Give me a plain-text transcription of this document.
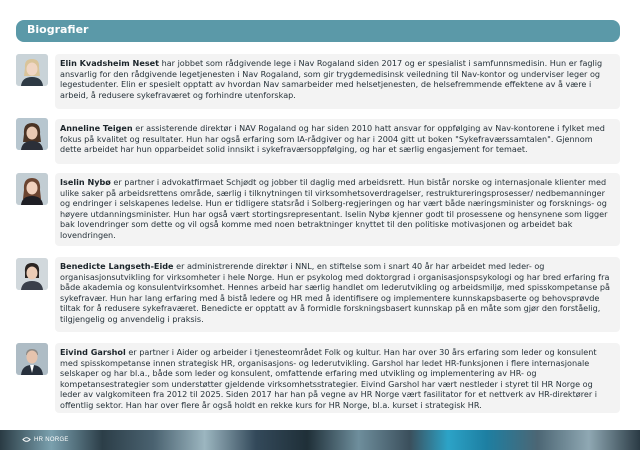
Biografier
Elin Kvadsheim Neset har jobbet som rådgivende lege i Nav Rogaland siden 2017 og er spesialist i samfunnsmedisin. Hun er faglig ansvarlig for den rådgivende legetjenesten i Nav Rogaland, som gir trygdemedisinsk veiledning til Nav-kontor og underviser leger og legestudenter. Elin er spesielt opptatt av hvordan Nav samarbeider med helsetjenesten, de helsefremmende effektene av å være i arbeid, å redusere sykefraværet og forhindre utenforskap.
Anneline Teigen er assisterende direktør i NAV Rogaland og har siden 2010 hatt ansvar for oppfølging av Nav-kontorene i fylket med fokus på kvalitet og resultater. Hun har også erfaring som IA-rådgiver og har i 2004 gitt ut boken "Sykefraværssamtalen". Gjennom dette arbeidet har hun opparbeidet solid innsikt i sykefraværsoppfølging, og har et særlig engasjement for temaet.
Iselin Nybø er partner i advokatfirmaet Schjødt og jobber til daglig med arbeidsrett. Hun bistår norske og internasjonale klienter med ulike saker på arbeidsrettens område, særlig i tilknytningen til virksomhetsoverdragelser, restruktureringsprosesser/ nedbemanninger og endringer i selskapenes ledelse. Hun er tidligere statsråd i Solberg-regjeringen og har vært både næringsminister og forsknings- og høyere utdanningsminister. Hun har også vært stortingsrepresentant. Iselin Nybø kjenner godt til prosessene og hensynene som ligger bak lovendringer som dette og vil også komme med noen betraktninger knyttet til den politiske motivasjonen og arbeidet bak lovendringen.
Benedicte Langseth-Eide er administrerende direktør i NNL, en stiftelse som i snart 40 år har arbeidet med leder- og organisasjonsutvikling for virksomheter i hele Norge. Hun er psykolog med doktorgrad i organisasjonspsykologi og har bred erfaring fra både akademia og konsulentvirksomhet. Hennes arbeid har særlig handlet om lederutvikling og arbeidsmiljø, med spisskompetanse på sykefravær. Hun har lang erfaring med å bistå ledere og HR med å identifisere og implementere kunnskapsbaserte og behovsprøvde tiltak for å redusere sykefraværet. Benedicte er opptatt av å formidle forskningsbasert kunnskap på en måte som gjør den forståelig, tilgjengelig og anvendelig i praksis.
Eivind Garshol er partner i Aider og arbeider i tjenesteområdet Folk og kultur. Han har over 30 års erfaring som leder og konsulent med spisskompetanse innen strategisk HR, organisasjons- og lederutvikling. Garshol har ledet HR-funksjonen i flere internasjonale selskaper og har bl.a., både som leder og konsulent, omfattende erfaring med utvikling og implementering av HR- og kompetansestrategier som understøtter gjeldende virksomhetsstrategier. Eivind Garshol har vært nestleder i styret til HR Norge og leder av valgkomiteen fra 2012 til 2025. Siden 2017 har han på vegne av HR Norge vært fasilitator for et nettverk av HR-direktører i offentlig sektor. Han har over flere år også holdt en rekke kurs for HR Norge, bl.a. kurset i strategisk HR.
HR NORGE
